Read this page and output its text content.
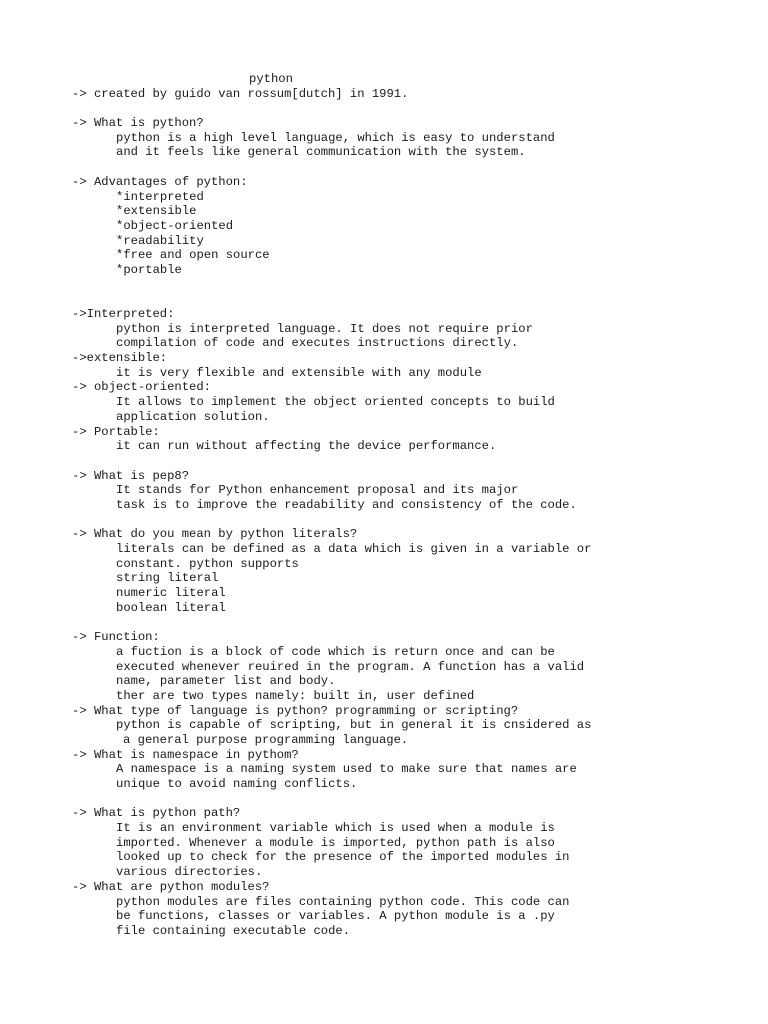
python
-> created by guido van rossum[dutch] in 1991.
-> What is python?
python is a high level language, which is easy to understand
and it feels like general communication with the system.
-> Advantages of python:
*interpreted
*extensible
*object-oriented
*readability
*free and open source
*portable
->Interpreted:
python is interpreted language. It does not require prior
compilation of code and executes instructions directly.
->extensible:
it is very flexible and extensible with any module
-> object-oriented:
It allows to implement the object oriented concepts to build
application solution.
-> Portable:
it can run without affecting the device performance.
-> What is pep8?
It stands for Python enhancement proposal and its major
task is to improve the readability and consistency of the code.
-> What do you mean by python literals?
literals can be defined as a data which is given in a variable or
constant. python supports
string literal
numeric literal
boolean literal
-> Function:
a fuction is a block of code which is return once and can be
executed whenever reuired in the program. A function has a valid
name, parameter list and body.
ther are two types namely: built in, user defined
-> What type of language is python? programming or scripting?
python is capable of scripting, but in general it is cnsidered as
a general purpose programming language.
-> What is namespace in pythom?
A namespace is a naming system used to make sure that names are
unique to avoid naming conflicts.
-> What is python path?
It is an environment variable which is used when a module is
imported. Whenever a module is imported, python path is also
looked up to check for the presence of the imported modules in
various directories.
-> What are python modules?
python modules are files containing python code. This code can
be functions, classes or variables. A python module is a .py
file containing executable code.
